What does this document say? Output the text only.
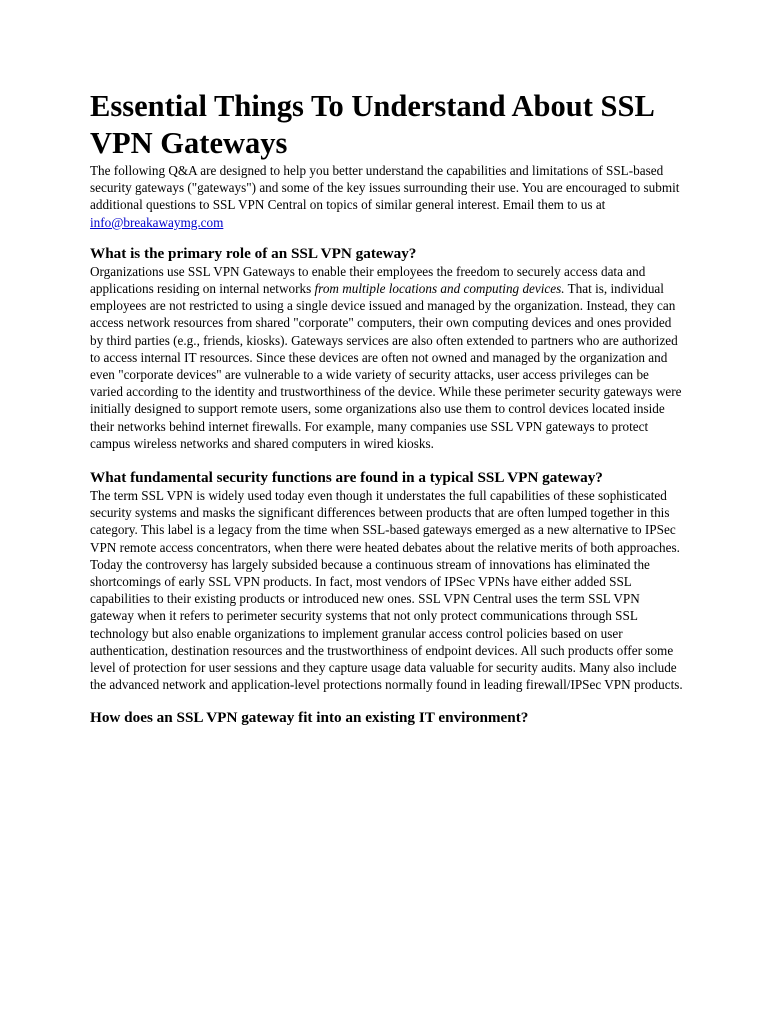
Essential Things To Understand About SSL VPN Gateways

The following Q&A are designed to help you better understand the capabilities and limitations of SSL-based security gateways ("gateways") and some of the key issues surrounding their use. You are encouraged to submit additional questions to SSL VPN Central on topics of similar general interest. Email them to us at info@breakawaymg.com

What is the primary role of an SSL VPN gateway?

Organizations use SSL VPN Gateways to enable their employees the freedom to securely access data and applications residing on internal networks from multiple locations and computing devices. That is, individual employees are not restricted to using a single device issued and managed by the organization. Instead, they can access network resources from shared "corporate" computers, their own computing devices and ones provided by third parties (e.g., friends, kiosks). Gateways services are also often extended to partners who are authorized to access internal IT resources. Since these devices are often not owned and managed by the organization and even "corporate devices" are vulnerable to a wide variety of security attacks, user access privileges can be varied according to the identity and trustworthiness of the device. While these perimeter security gateways were initially designed to support remote users, some organizations also use them to control devices located inside their networks behind internet firewalls. For example, many companies use SSL VPN gateways to protect campus wireless networks and shared computers in wired kiosks.

What fundamental security functions are found in a typical SSL VPN gateway?

The term SSL VPN is widely used today even though it understates the full capabilities of these sophisticated security systems and masks the significant differences between products that are often lumped together in this category. This label is a legacy from the time when SSL-based gateways emerged as a new alternative to IPSec VPN remote access concentrators, when there were heated debates about the relative merits of both approaches. Today the controversy has largely subsided because a continuous stream of innovations has eliminated the shortcomings of early SSL VPN products. In fact, most vendors of IPSec VPNs have either added SSL capabilities to their existing products or introduced new ones. SSL VPN Central uses the term SSL VPN gateway when it refers to perimeter security systems that not only protect communications through SSL technology but also enable organizations to implement granular access control policies based on user authentication, destination resources and the trustworthiness of endpoint devices. All such products offer some level of protection for user sessions and they capture usage data valuable for security audits. Many also include the advanced network and application-level protections normally found in leading firewall/IPSec VPN products.

How does an SSL VPN gateway fit into an existing IT environment?
